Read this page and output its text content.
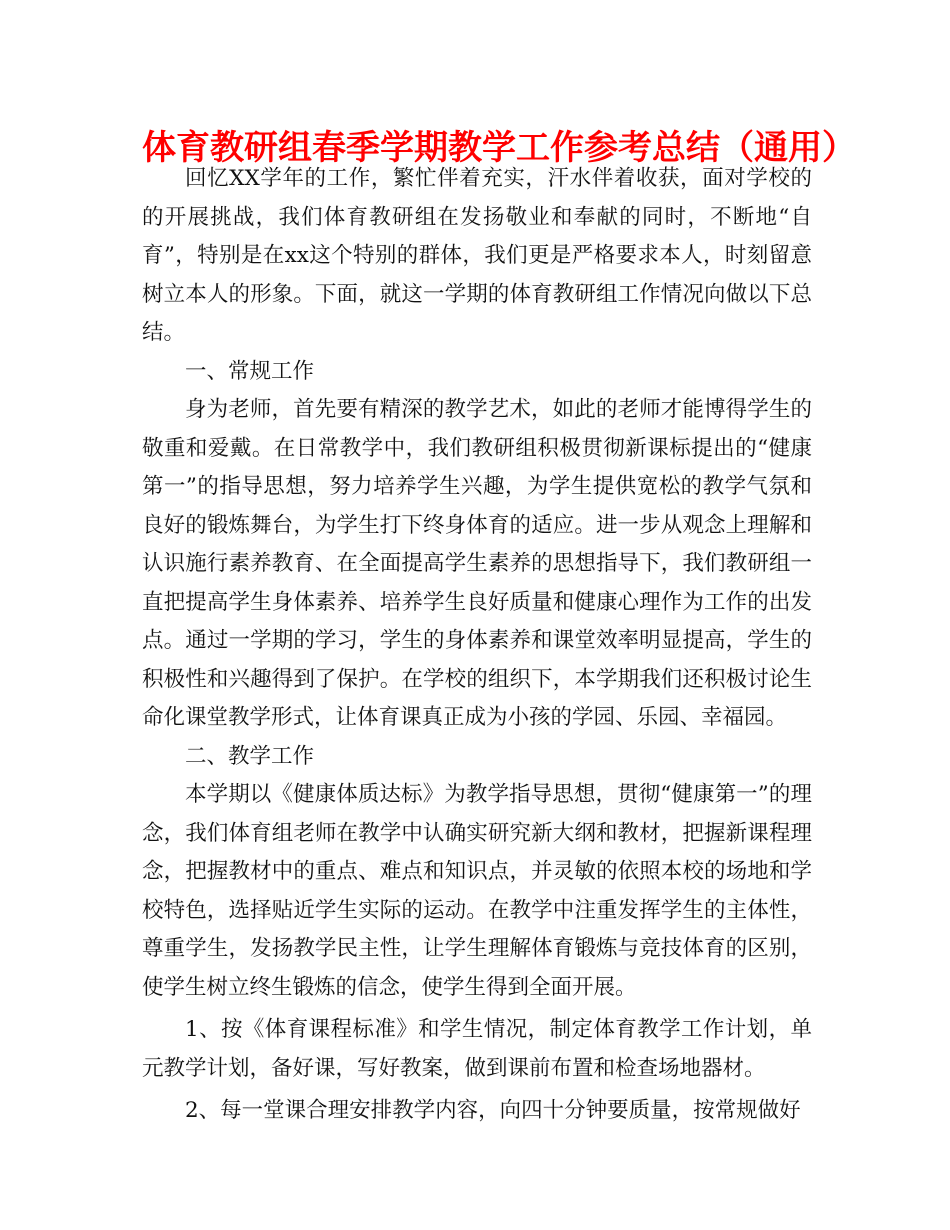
体育教研组春季学期教学工作参考总结（通用）

回忆XX学年的工作，繁忙伴着充实，汗水伴着收获，面对学校的的开展挑战，我们体育教研组在发扬敬业和奉献的同时，不断地“自育”，特别是在xx这个特别的群体，我们更是严格要求本人，时刻留意树立本人的形象。下面，就这一学期的体育教研组工作情况向做以下总结。

一、常规工作

身为老师，首先要有精深的教学艺术，如此的老师才能博得学生的敬重和爱戴。在日常教学中，我们教研组积极贯彻新课标提出的“健康第一”的指导思想，努力培养学生兴趣，为学生提供宽松的教学气氛和良好的锻炼舞台，为学生打下终身体育的适应。进一步从观念上理解和认识施行素养教育、在全面提高学生素养的思想指导下，我们教研组一直把提高学生身体素养、培养学生良好质量和健康心理作为工作的出发点。通过一学期的学习，学生的身体素养和课堂效率明显提高，学生的积极性和兴趣得到了保护。在学校的组织下，本学期我们还积极讨论生命化课堂教学形式，让体育课真正成为小孩的学园、乐园、幸福园。

二、教学工作

本学期以《健康体质达标》为教学指导思想，贯彻“健康第一”的理念，我们体育组老师在教学中认确实研究新大纲和教材，把握新课程理念，把握教材中的重点、难点和知识点，并灵敏的依照本校的场地和学校特色，选择贴近学生实际的运动。在教学中注重发挥学生的主体性，尊重学生，发扬教学民主性，让学生理解体育锻炼与竞技体育的区别，使学生树立终生锻炼的信念，使学生得到全面开展。

1、按《体育课程标准》和学生情况，制定体育教学工作计划，单元教学计划，备好课，写好教案，做到课前布置和检查场地器材。

2、每一堂课合理安排教学内容，向四十分钟要质量，按常规做好
